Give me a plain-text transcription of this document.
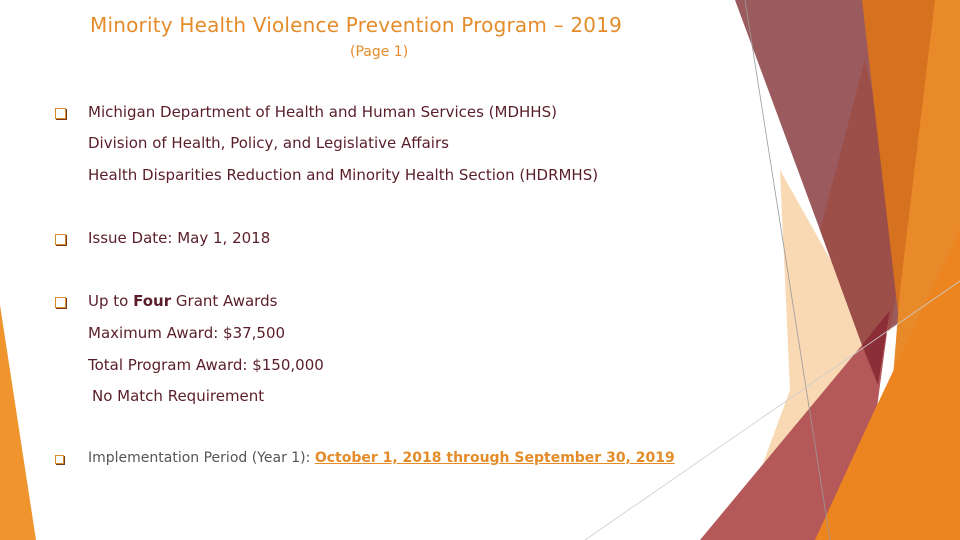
Minority Health Violence Prevention Program – 2019
(Page 1)
Michigan Department of Health and Human Services (MDHHS)
Division of Health, Policy, and Legislative Affairs
Health Disparities Reduction and Minority Health Section (HDRMHS)
Issue Date: May 1, 2018
Up to Four Grant Awards
Maximum Award: $37,500
Total Program Award: $150,000
No Match Requirement
Implementation Period (Year 1): October 1, 2018 through September 30, 2019
